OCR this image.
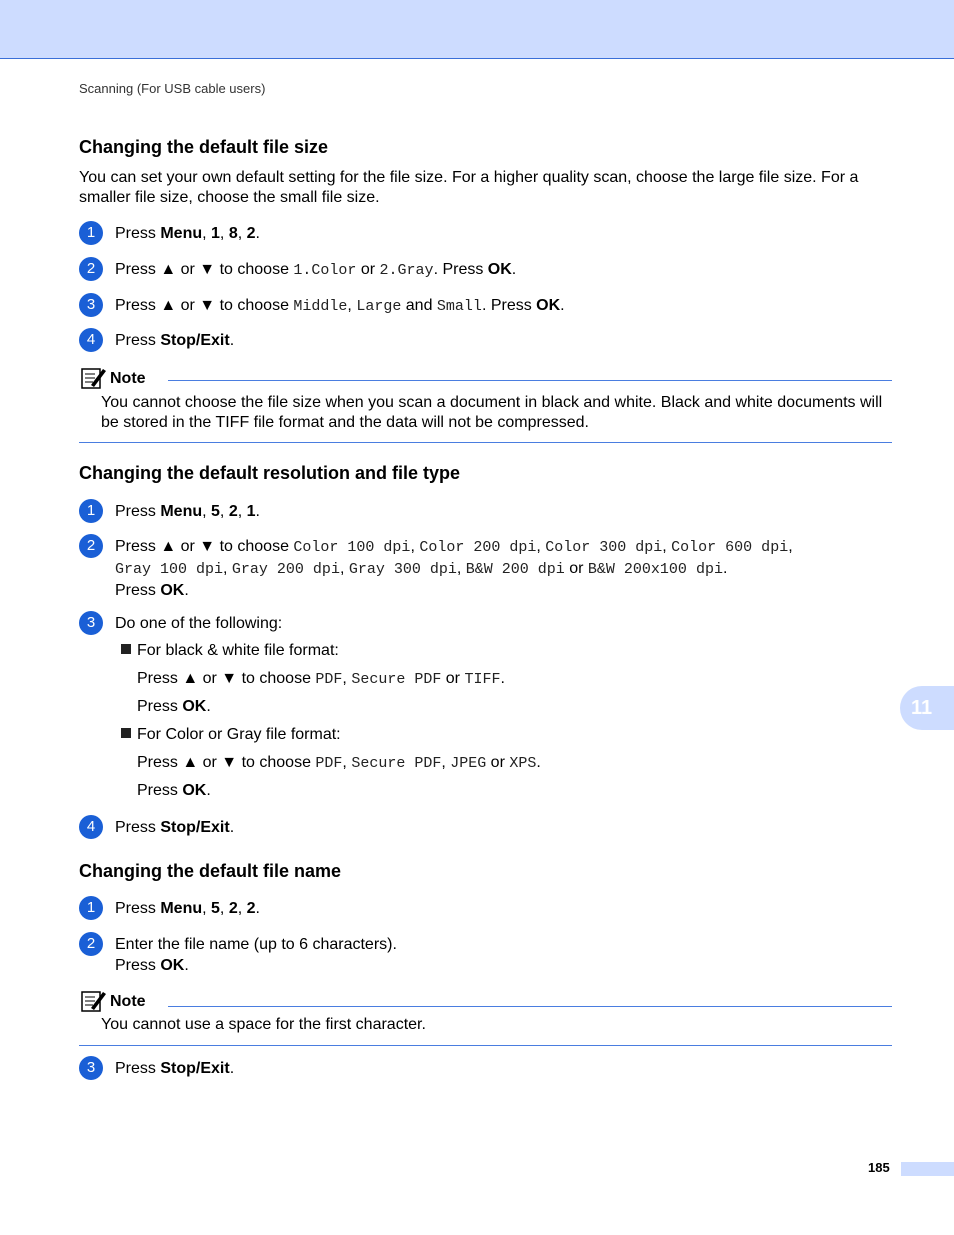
Scanning (For USB cable users)
Changing the default file size
You can set your own default setting for the file size. For a higher quality scan, choose the large file size. For a smaller file size, choose the small file size.
1	Press Menu, 1, 8, 2.
2	Press ▲ or ▼ to choose 1.Color or 2.Gray. Press OK.
3	Press ▲ or ▼ to choose Middle, Large and Small. Press OK.
4	Press Stop/Exit.
Note
You cannot choose the file size when you scan a document in black and white. Black and white documents will be stored in the TIFF file format and the data will not be compressed.
Changing the default resolution and file type
1	Press Menu, 5, 2, 1.
2	Press ▲ or ▼ to choose Color 100 dpi, Color 200 dpi, Color 300 dpi, Color 600 dpi,
Gray 100 dpi, Gray 200 dpi, Gray 300 dpi, B&W 200 dpi or B&W 200x100 dpi.
Press OK.
3	Do one of the following:
For black & white file format:
Press ▲ or ▼ to choose PDF, Secure PDF or TIFF.
Press OK.
For Color or Gray file format:
Press ▲ or ▼ to choose PDF, Secure PDF, JPEG or XPS.
Press OK.
4	Press Stop/Exit.
Changing the default file name
1	Press Menu, 5, 2, 2.
2	Enter the file name (up to 6 characters).
Press OK.
Note
You cannot use a space for the first character.
3	Press Stop/Exit.
11
185
